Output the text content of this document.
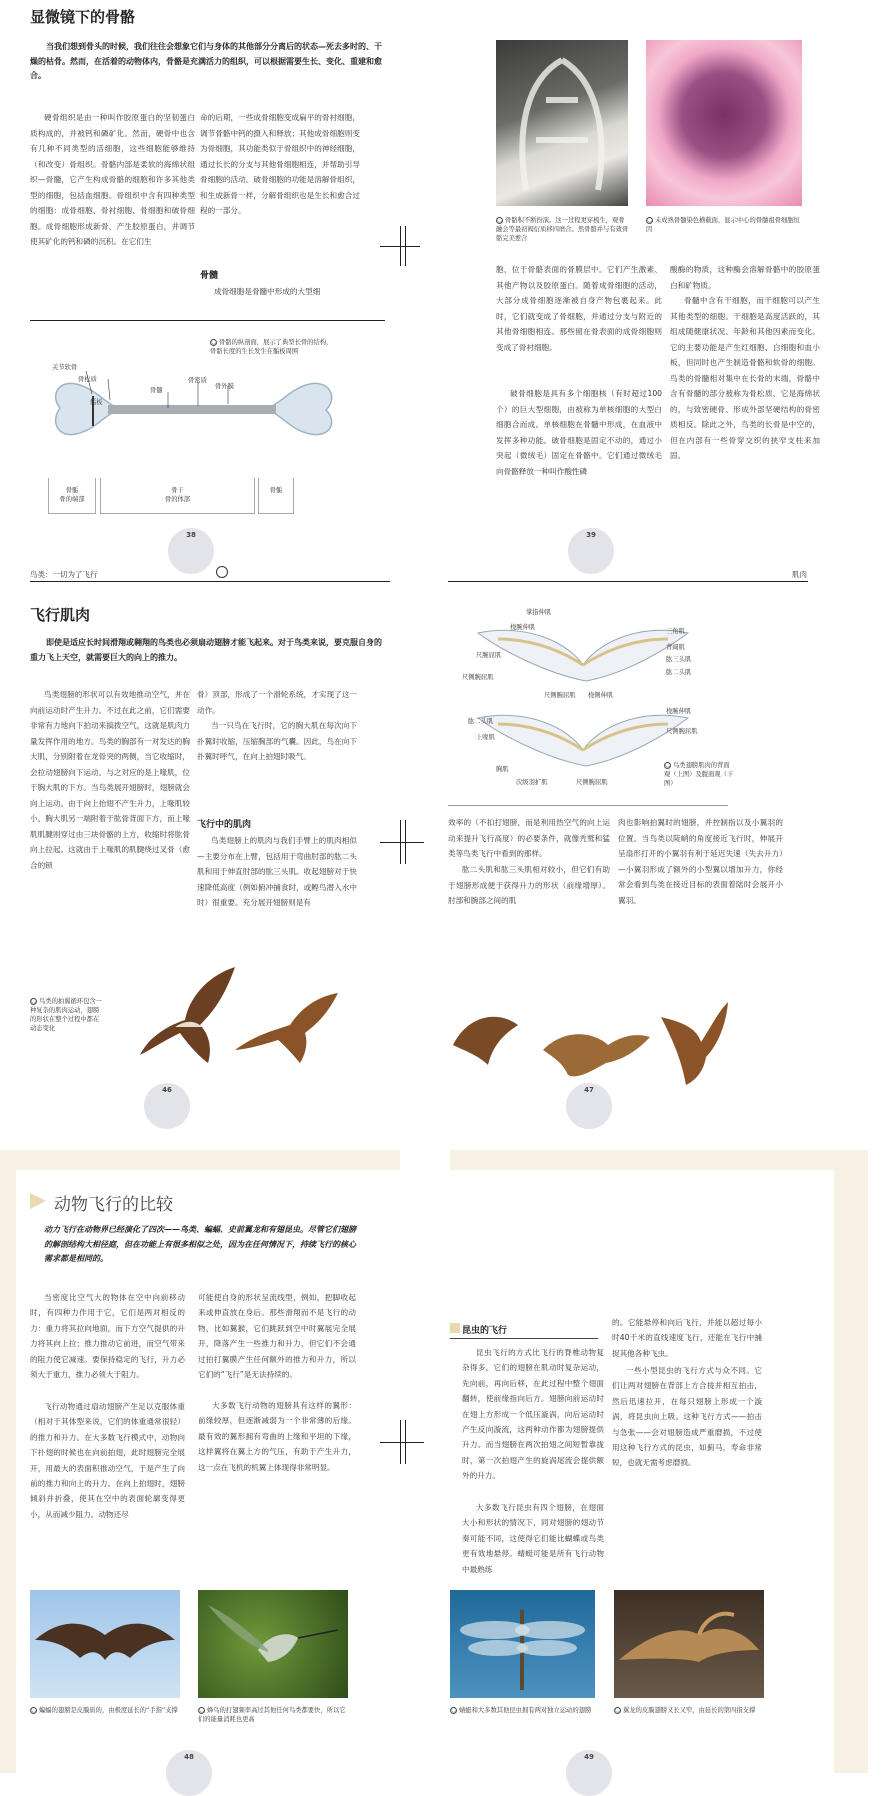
显微镜下的骨骼
当我们想到骨头的时候，我们往往会想象它们与身体的其他部分分离后的状态—死去多时的、干燥的枯骨。然而，在活着的动物体内，骨骼是充满活力的组织，可以根据需要生长、变化、重建和愈合。
硬骨组织是由一种叫作胶原蛋白的坚韧蛋白质构成的，并被钙和磷矿化。然而，硬骨中也含有几种不同类型的活细胞，这些细胞能够维持（和改变）骨组织。骨骼内部是柔软的海绵状组织—骨髓，它产生构成骨骼的细胞和许多其他类型的细胞，包括血细胞。骨组织中含有四种类型的细胞：成骨细胞、骨衬细胞、骨细胞和破骨细胞。成骨细胞形成新骨，产生胶原蛋白，并调节使其矿化的钙和磷的沉积。在它们生
命的后期，一些成骨细胞变成扁平的骨衬细胞，调节骨骼中钙的摄入和释放；其他成骨细胞则变为骨细胞，其功能类似于骨组织中的神经细胞，通过长长的分支与其他骨细胞相连，并帮助引导骨细胞的活动。破骨细胞的功能是溶解骨组织，和生成新骨一样，分解骨组织也是生长和愈合过程的一部分。
骨髓
成骨细胞是骨髓中形成的大型细
◯ 骨骼的纵剖面，展示了典型长骨的结构，骨骼长度的生长发生在骺板周围
关节软骨
骨松质
骺板
骨髓
骨密质
骨外膜
骨骺
骨的端部
骨干
骨的体部
骨骺
38
◯ 骨骼积不断扮演。这一过程更穿梳生，观骨融会等最初阀衍质移四磨合。然骨骼并与有效骨骼完美愈合
◯ 未成熟骨髓染色横截面，显示中心的骨髓祖骨细胞恒因
胞，位于骨骼表面的骨膜层中。它们产生激素、其他产物以及胶原蛋白。随着成骨细胞的活动，大部分成骨细胞逐渐被自身产物包裹起来。此时，它们就变成了骨细胞，并通过分支与附近的其他骨细胞相连。那些留在骨表面的成骨细胞则变成了骨衬细胞。
破骨细胞是具有多个细胞核（有时超过100个）的巨大型细胞，由被称为单核细胞的大型白细胞合而成。单核细胞在骨髓中形成，在血液中发挥多种功能。破骨细胞是固定不动的，通过小突起（微绒毛）固定在骨骼中。它们通过微绒毛向骨骼释放一种叫作酸性磷
酸酶的物质，这种酶会溶解骨骼中的胶原蛋白和矿物质。
骨髓中含有干细胞，而干细胞可以产生其他类型的细胞。干细胞是高度活跃的，其组成随健康状况、年龄和其他因素而变化。它的主要功能是产生红细胞、白细胞和血小板，但同时也产生制造骨骼和软骨的细胞。鸟类的骨髓相对集中在长骨的末端，骨骼中含有骨髓的部分被称为骨松质，它是海绵状的，与致密硬骨、形成外部坚硬结构的骨密质相反。除此之外，鸟类的长骨是中空的，但在内部有一些骨穿交织的狭窄支柱来加固。
39
鸟类：一切为了飞行
飞行肌肉
即使是适应长时间滑翔或翱翔的鸟类也必须扇动翅膀才能飞起来。对于鸟类来说，要克服自身的重力飞上天空，就需要巨大的向上的推力。
鸟类翅膀的形状可以有效地推动空气，并在向前运动时产生升力。不过在此之前，它们需要非常有力地向下拍动来搞拨空气，这就是肌肉力量发挥作用的地方。鸟类的胸部有一对发达的胸大肌，分别附着在龙骨突的两侧，当它收缩时，会拉动翅膀向下运动。与之对应的是上喙肌，位于胸大肌的下方。当鸟类展开翅膀时，翅膀就会向上运动。由于向上抬翅不产生升力，上喙肌较小。胸大肌另一端附着于肱骨背面下方，而上喙肌肌腱则穿过由三块骨骼的上方，收缩时将肱骨向上拉起。这就由于上喙肌的肌腱绕过叉骨（愈合的锁
骨）顶部，形成了一个滑轮系统，才实现了这一动作。
当一只鸟在飞行时，它的胸大肌在每次向下扑翼时收缩，压缩胸部的气囊。因此，鸟在向下扑翼时呼气，在向上拍翅时吸气。
飞行中的肌肉
鸟类翅膀上的肌肉与我们手臂上的肌肉相似—主要分布在上臂，包括用于弯曲肘部的肱二头肌和用于伸直肘部的肱三头肌。收起翅膀对于快速降低高度（例如俯冲捕食时，或鲣鸟潜入水中时）很重要。充分展开翅膀则是有
◯ 鸟类的拍翼循环包含一种复杂的肌肉运动，翅膀的形状在整个过程中都在动态变化
46
肌肉
掌指伸肌
桡腕伸肌
尺腕屈肌
三角肌
背阔肌
肱三头肌
肱二头肌
尺侧腕屈肌
尺侧腕屈肌 桡侧伸肌
肱二头肌
上喙肌
桡腕伸肌
尺侧腕屈肌
胸肌
尺侧腕屈肌
次级羽扩肌
◯ 鸟类翅膀肌肉的背面观（上图）及腹面观（下图）
效率的（不扣打翅膀，而是利用热空气的向上运动来提升飞行高度）的必要条件，就像秃鹫和猛类等鸟类飞行中看到的那样。
肱二头肌和肱三头肌相对较小，但它们有助于翅膀形成便于获得升力的形状（前缘增厚）。肘部和腕部之间的肌
肉也影响拍翼时的翅膀，并控制指以及小翼羽的位置。当鸟类以陡峭的角度接近飞行时，伸展开呈扇形打开的小翼羽有利于延迟失速（失去升力）—小翼羽形成了额外的小型翼以增加升力，你经常会看到鸟类在接近目标的表面着陆时会展开小翼羽。
47
动物飞行的比较
动力飞行在动物界已经演化了四次——鸟类、蝙蝠、史前翼龙和有翅昆虫。尽管它们翅膀的解剖结构大相径庭，但在功能上有很多相似之处，因为在任何情况下，持续飞行的核心需求都是相同的。
当密度比空气大的物体在空中向前移动时，有四种力作用于它，它们是两对相反的力：重力将其拉向地面，而下方空气提供的升力将其向上拉；推力推动它前进，而空气带来的阻力使它减速。要保持稳定的飞行，升力必须大于重力，推力必须大于阻力。
飞行动物通过扇动翅膀产生足以克服体重（相对于其体型来说，它们的体重通常很轻）的推力和升力。在大多数飞行模式中，动物向下扑翅的时候也在向前拍翅，此时翅膀完全展开，用最大的表面积推动空气，于是产生了向前的推力和向上的升力。在向上拍翅时，翅膀倾斜并折叠，使其在空中的表面轮廓变得更小，从而减少阻力。动物还尽
可能使自身的形状呈流线型，例如，把脚收起来或伸直放在身后。那些滑翔而不是飞行的动物，比如翼猴，它们跳跃到空中时翼展完全展开，降落产生一些推力和升力，但它们不会通过拍打翼膜产生任何额外的推力和升力，所以它们的“飞行”是无法持续的。
大多数飞行动物的翅膀具有这样的翼形：前缘较厚，但逐渐减弱为一个非常薄的后缘。最有效的翼形拥有弯曲的上缘和平坦的下缘，这样翼将在翼上方的气压，有助于产生升力，这一点在飞机的机翼上体现得非常明显。
◯ 蝙蝠的翅膀是皮膜质的，由极度延长的“手指”支撑	◯ 蜂鸟的打翅频率高过其他任何鸟类都要快，所以它们的能量消耗也更高
48
昆虫的飞行
昆虫飞行的方式比飞行的脊椎动物复杂得多。它们的翅膀在肌动时复杂运动，先向前，再向后移，在此过程中整个翅面翻转，使前缘指向后方。翅膀向前运动时在翅上方形成一个低压漩涡，向后运动时产生反向漩流，这两种动作都为翅膀提供升力。而当翅膀在两次拍翅之间短暂靠拢时，第一次拍翅产生的旋涡尾流会提供额外的升力。
大多数飞行昆虫有四个翅膀，在翅面大小和形状的情况下，同对翅膀的翅动节奏可能不同，这使得它们能比蝴蝶或鸟类更有效地悬停。蜻蜓可能是所有飞行动物中最熟练
的。它能悬停和向后飞行，并能以超过每小时40千米的直线速度飞行，还能在飞行中捕捉其他各种飞虫。
一些小型昆虫的飞行方式与众不同。它们让两对翅膀在背部上方合拢并相互拍击，然后迅速拉开，在每只翅膀上形成一个漩涡，将昆虫向上吸。这种飞行方式——拍击与急张——会对翅膀造成严重磨损，不过使用这种飞行方式的昆虫，如蓟马，寿命非常短，也就无需考虑磨损。
◯ 蜻蜓和大多数其他昆虫拥有两对独立运动的翅膀	◯ 翼龙的皮膜翅膀又长又窄，由延长的第四指支撑
49
